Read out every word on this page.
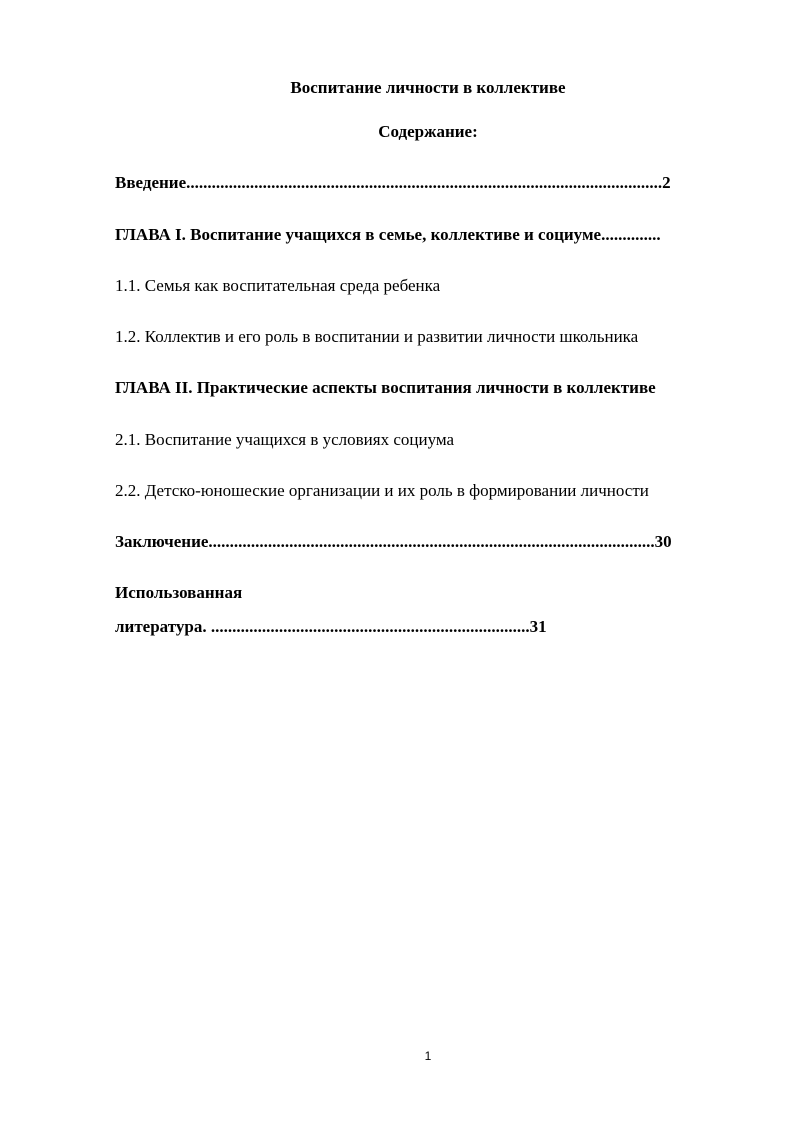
Воспитание личности в коллективе
Содержание:
Введение................................................................................................................2
ГЛАВА I. Воспитание учащихся в семье, коллективе и социуме..............
1.1. Семья как воспитательная среда ребенка
1.2. Коллектив и его роль в воспитании и развитии личности школьника
ГЛАВА II. Практические аспекты воспитания личности в коллективе
2.1. Воспитание учащихся в условиях социума
2.2. Детско-юношеские организации и их роль в формировании личности
Заключение.........................................................................................................30
Использованная
литература. ...........................................................................31
1
